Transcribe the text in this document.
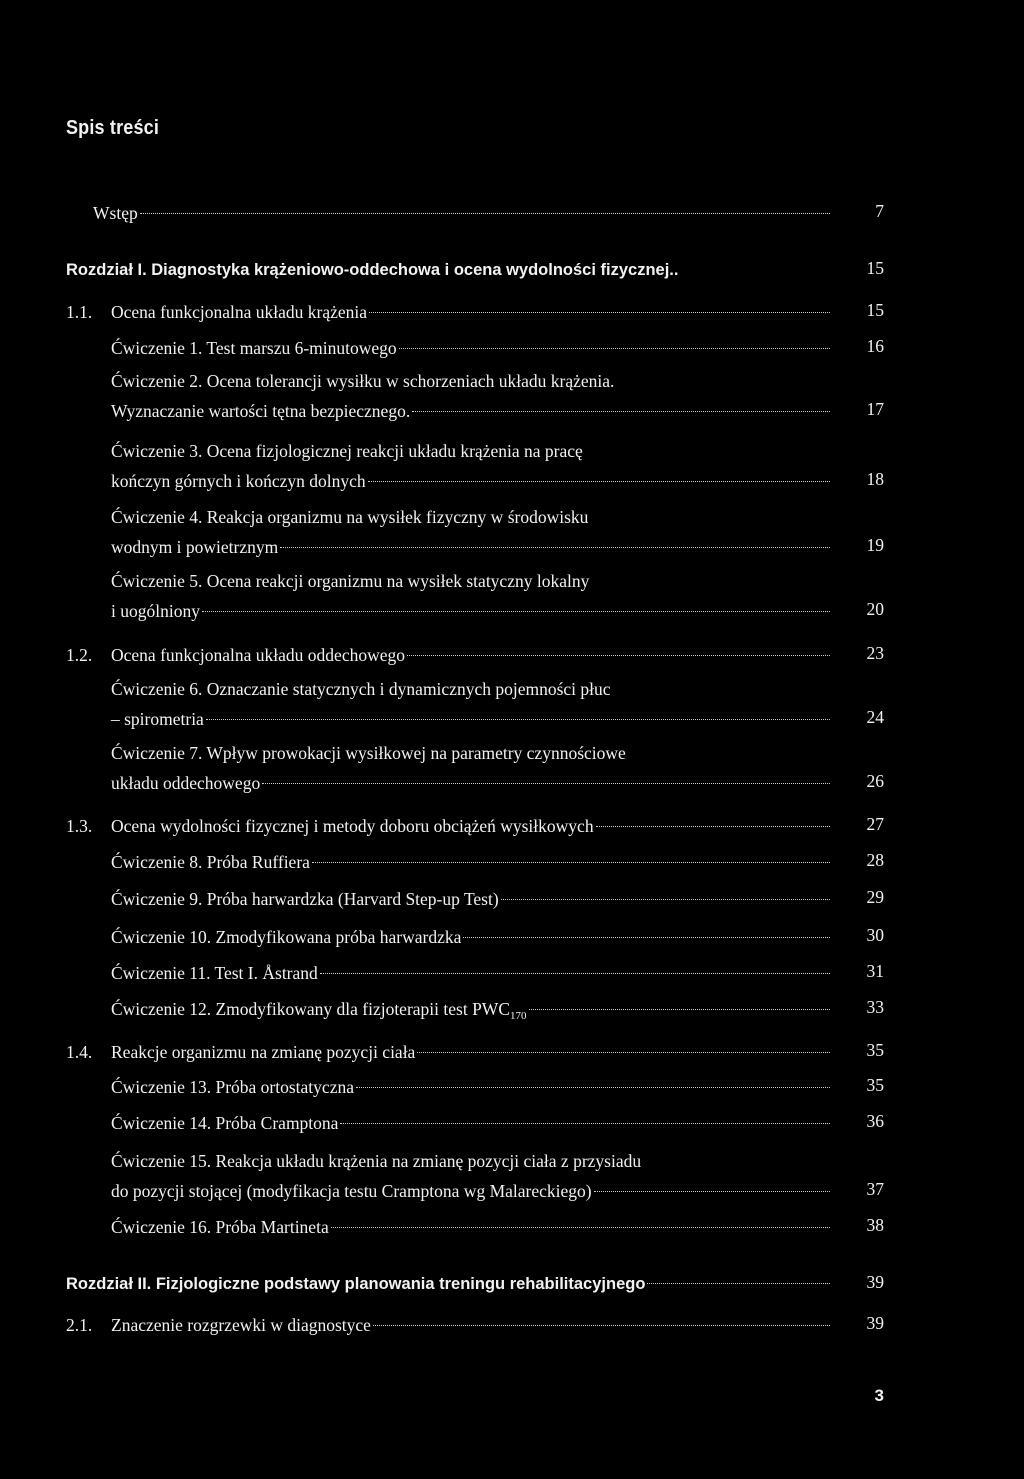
Spis treści
Wstęp	7
Rozdział I. Diagnostyka krążeniowo-oddechowa i ocena wydolności fizycznej..	15
1.1.	Ocena funkcjonalna układu krążenia	15
Ćwiczenie 1. Test marszu 6-minutowego	16
Ćwiczenie 2. Ocena tolerancji wysiłku w schorzeniach układu krążenia.
Wyznaczanie wartości tętna bezpiecznego.	17
Ćwiczenie 3. Ocena fizjologicznej reakcji układu krążenia na pracę
kończyn górnych i kończyn dolnych	18
Ćwiczenie 4. Reakcja organizmu na wysiłek fizyczny w środowisku
wodnym i powietrznym	19
Ćwiczenie 5. Ocena reakcji organizmu na wysiłek statyczny lokalny
i uogólniony	20
1.2.	Ocena funkcjonalna układu oddechowego	23
Ćwiczenie 6. Oznaczanie statycznych i dynamicznych pojemności płuc
– spirometria	24
Ćwiczenie 7. Wpływ prowokacji wysiłkowej na parametry czynnościowe
układu oddechowego	26
1.3.	Ocena wydolności fizycznej i metody doboru obciążeń wysiłkowych	27
Ćwiczenie 8. Próba Ruffiera	28
Ćwiczenie 9. Próba harwardzka (Harvard Step-up Test)	29
Ćwiczenie 10. Zmodyfikowana próba harwardzka	30
Ćwiczenie 11. Test I. Åstrand	31
Ćwiczenie 12. Zmodyfikowany dla fizjoterapii test $PWC_{170}$	33
1.4.	Reakcje organizmu na zmianę pozycji ciała	35
Ćwiczenie 13. Próba ortostatyczna	35
Ćwiczenie 14. Próba Cramptona	36
Ćwiczenie 15. Reakcja układu krążenia na zmianę pozycji ciała z przysiadu
do pozycji stojącej (modyfikacja testu Cramptona wg Malareckiego)	37
Ćwiczenie 16. Próba Martineta	38
Rozdział II. Fizjologiczne podstawy planowania treningu rehabilitacyjnego	39
2.1.	Znaczenie rozgrzewki w diagnostyce	39
3
